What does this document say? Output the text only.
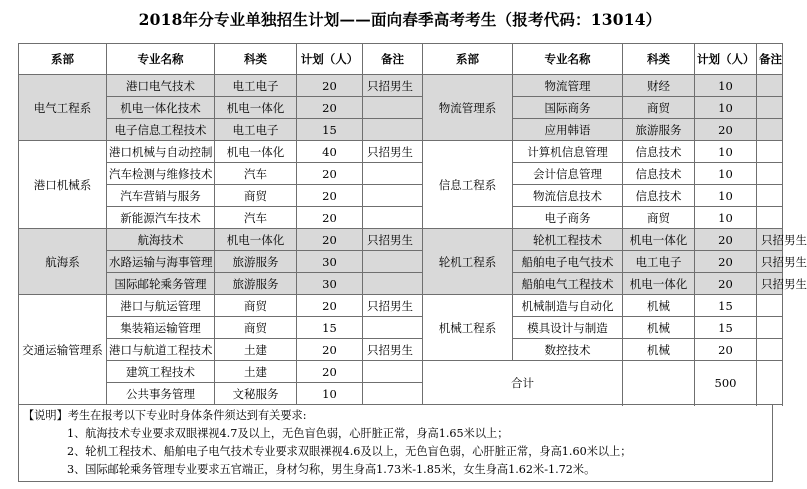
2018年分专业单独招生计划——面向春季高考考生（报考代码：13014）
系部	专业名称	科类	计划（人）	备注	系部	专业名称	科类	计划（人）	备注
电气工程系	港口电气技术	电工电子	20	只招男生	物流管理系	物流管理	财经	10	
	机电一体化技术	机电一体化	20			国际商务	商贸	10	
	电子信息工程技术	电工电子	15			应用韩语	旅游服务	20	
港口机械系	港口机械与自动控制	机电一体化	40	只招男生	信息工程系	计算机信息管理	信息技术	10	
	汽车检测与维修技术	汽车	20			会计信息管理	信息技术	10	
	汽车营销与服务	商贸	20			物流信息技术	信息技术	10	
	新能源汽车技术	汽车	20			电子商务	商贸	10	
航海系	航海技术	机电一体化	20	只招男生	轮机工程系	轮机工程技术	机电一体化	20	只招男生
	水路运输与海事管理	旅游服务	30			船舶电子电气技术	电工电子	20	只招男生
	国际邮轮乘务管理	旅游服务	30			船舶电气工程技术	机电一体化	20	只招男生
交通运输管理系	港口与航运管理	商贸	20	只招男生	机械工程系	机械制造与自动化	机械	15	
	集装箱运输管理	商贸	15			模具设计与制造	机械	15	
	港口与航道工程技术	土建	20	只招男生		数控技术	机械	20	
	建筑工程技术	土建	20		合计			500	
	公共事务管理	文秘服务	10						

【说明】考生在报考以下专业时身体条件须达到有关要求:
1、航海技术专业要求双眼裸视4.7及以上，无色盲色弱，心肝脏正常，身高1.65米以上；
2、轮机工程技术、船舶电子电气技术专业要求双眼裸视4.6及以上，无色盲色弱，心肝脏正常，身高1.60米以上；
3、国际邮轮乘务管理专业要求五官端正，身材匀称，男生身高1.73米-1.85米，女生身高1.62米-1.72米。
